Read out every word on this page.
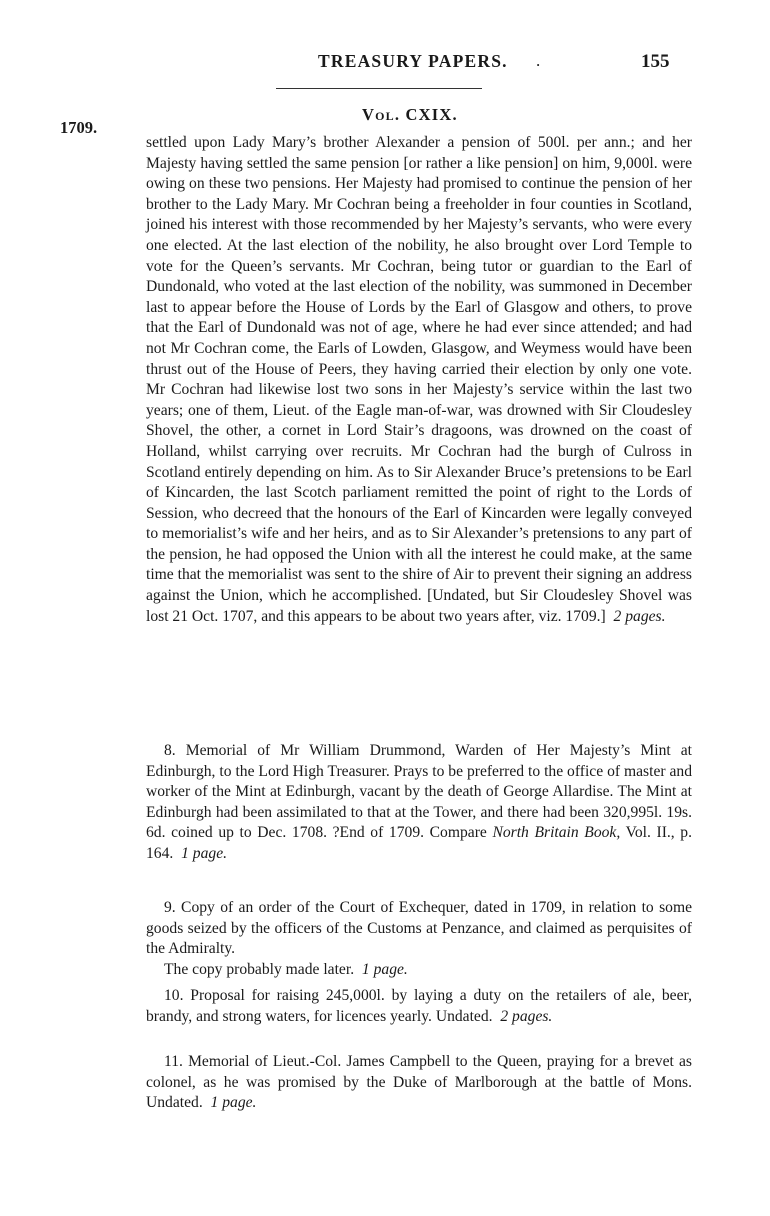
TREASURY PAPERS. .	155
Vol. CXIX.
1709.

settled upon Lady Mary’s brother Alexander a pension of 500l. per ann.; and her Majesty having settled the same pension [or rather a like pension] on him, 9,000l. were owing on these two pensions. Her Majesty had promised to continue the pension of her brother to the Lady Mary. Mr Cochran being a freeholder in four counties in Scotland, joined his interest with those recommended by her Majesty’s servants, who were every one elected. At the last election of the nobility, he also brought over Lord Temple to vote for the Queen’s servants. Mr Cochran, being tutor or guardian to the Earl of Dundonald, who voted at the last election of the nobility, was summoned in December last to appear before the House of Lords by the Earl of Glasgow and others, to prove that the Earl of Dundonald was not of age, where he had ever since attended; and had not Mr Cochran come, the Earls of Lowden, Glasgow, and Weymess would have been thrust out of the House of Peers, they having carried their election by only one vote. Mr Cochran had likewise lost two sons in her Majesty’s service within the last two years; one of them, Lieut. of the Eagle man-of-war, was drowned with Sir Cloudesley Shovel, the other, a cornet in Lord Stair’s dragoons, was drowned on the coast of Holland, whilst carrying over recruits. Mr Cochran had the burgh of Culross in Scotland entirely depending on him. As to Sir Alexander Bruce’s pretensions to be Earl of Kincarden, the last Scotch parliament remitted the point of right to the Lords of Session, who decreed that the honours of the Earl of Kincarden were legally conveyed to memorialist’s wife and her heirs, and as to Sir Alexander’s pretensions to any part of the pension, he had opposed the Union with all the interest he could make, at the same time that the memorialist was sent to the shire of Air to prevent their signing an address against the Union, which he accomplished. [Undated, but Sir Cloudesley Shovel was lost 21 Oct. 1707, and this appears to be about two years after, viz. 1709.] 2 pages.

8. Memorial of Mr William Drummond, Warden of Her Majesty’s Mint at Edinburgh, to the Lord High Treasurer. Prays to be preferred to the office of master and worker of the Mint at Edinburgh, vacant by the death of George Allardise. The Mint at Edinburgh had been assimilated to that at the Tower, and there had been 320,995l. 19s. 6d. coined up to Dec. 1708. ?End of 1709. Compare North Britain Book, Vol. II., p. 164. 1 page.

9. Copy of an order of the Court of Exchequer, dated in 1709, in relation to some goods seized by the officers of the Customs at Penzance, and claimed as perquisites of the Admiralty.

The copy probably made later. 1 page.

10. Proposal for raising 245,000l. by laying a duty on the retailers of ale, beer, brandy, and strong waters, for licences yearly. Undated. 2 pages.

11. Memorial of Lieut.-Col. James Campbell to the Queen, praying for a brevet as colonel, as he was promised by the Duke of Marlborough at the battle of Mons. Undated. 1 page.
